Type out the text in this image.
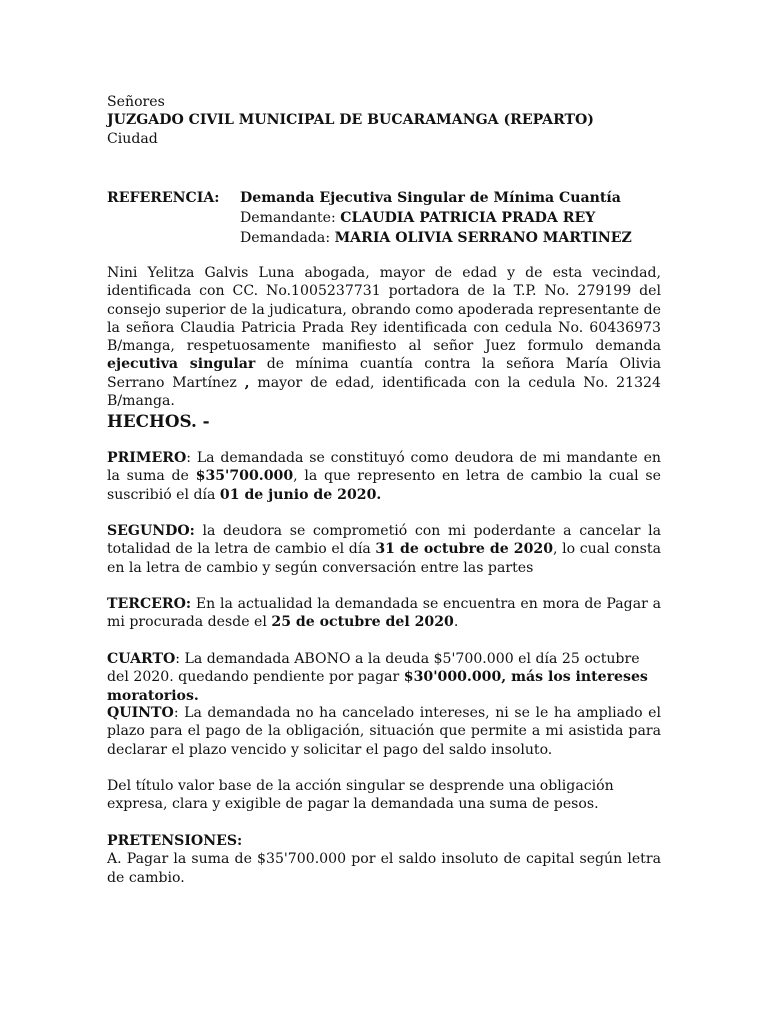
Señores

JUZGADO CIVIL MUNICIPAL DE BUCARAMANGA (REPARTO)

Ciudad

REFERENCIA: Demanda Ejecutiva Singular de Mínima Cuantía
Demandante: CLAUDIA PATRICIA PRADA REY
Demandada: MARIA OLIVIA SERRANO MARTINEZ

Nini Yelitza Galvis Luna abogada, mayor de edad y de esta vecindad, identificada con CC. No.1005237731 portadora de la T.P. No. 279199 del consejo superior de la judicatura, obrando como apoderada representante de la señora Claudia Patricia Prada Rey identificada con cedula No. 60436973 B/manga, respetuosamente manifiesto al señor Juez formulo demanda ejecutiva singular de mínima cuantía contra la señora María Olivia Serrano Martínez , mayor de edad, identificada con la cedula No. 21324 B/manga.

HECHOS. -

PRIMERO: La demandada se constituyó como deudora de mi mandante en la suma de $35'700.000, la que represento en letra de cambio la cual se suscribió el día 01 de junio de 2020.

SEGUNDO: la deudora se comprometió con mi poderdante a cancelar la totalidad de la letra de cambio el día 31 de octubre de 2020, lo cual consta en la letra de cambio y según conversación entre las partes

TERCERO: En la actualidad la demandada se encuentra en mora de Pagar a mi procurada desde el 25 de octubre del 2020.

CUARTO: La demandada ABONO a la deuda $5'700.000 el día 25 octubre del 2020. quedando pendiente por pagar $30'000.000, más los intereses moratorios.

QUINTO: La demandada no ha cancelado intereses, ni se le ha ampliado el plazo para el pago de la obligación, situación que permite a mi asistida para declarar el plazo vencido y solicitar el pago del saldo insoluto.

Del título valor base de la acción singular se desprende una obligación expresa, clara y exigible de pagar la demandada una suma de pesos.

PRETENSIONES:

A. Pagar la suma de $35'700.000 por el saldo insoluto de capital según letra de cambio.
